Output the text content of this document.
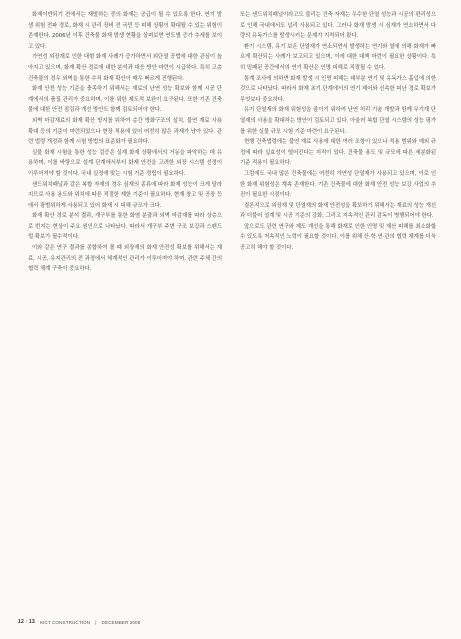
화재이반되기 전에서는 재발하는 중의 화재는 공급이 될 수 있도록 한다. 연기 발생 위험 전파 경로, 화재 시 관리 장비 전 국민 등 피해 상황이 확대될 수 있는 위험이 존재한다. 2006년 이후 건축물 화재 발생 현황을 살펴보면 연도별 증가 추세를 보이고 있다.

가연성 외장재로 인한 대형 화재 사례가 증가하면서 외단열 공법에 대한 관심이 높아지고 있으며, 화재 확산 경로에 대한 분석과 대응 방안 마련이 시급하다. 특히 고층 건축물의 경우 외벽을 통한 수직 화재 확산이 매우 빠르게 진행된다.

화재 안전 성능 기준을 충족하기 위해서는 재료의 난연 성능 확보와 함께 시공 단계에서의 품질 관리가 중요하며, 이를 위한 제도적 보완이 요구된다. 또한 기존 건축물에 대한 안전 점검과 개선 방안도 함께 검토되어야 한다.

외벽 마감재료의 화재 확산 방지를 위하여 층간 방화구조의 설치, 불연 재료 사용 확대 등의 기준이 마련되었으나 현장 적용에 있어 여전히 많은 과제가 남아 있다. 관련 법령 개정과 함께 시험 방법의 표준화가 필요하다.

실물 화재 시험을 통한 성능 검증은 실제 화재 상황에서의 거동을 파악하는 데 유용하며, 이를 바탕으로 설계 단계에서부터 화재 안전을 고려한 외장 시스템 선정이 이루어져야 할 것이다. 국내 실정에 맞는 시험 기준 정립이 필요하다.

샌드위치패널과 같은 복합 자재의 경우 심재의 종류에 따라 화재 성능이 크게 달라지므로 사용 용도와 위치에 따른 적절한 제한 기준이 필요하다. 현재 창고 및 공장 등에서 광범위하게 사용되고 있어 화재 시 피해 규모가 크다.

화재 확산 경로 분석 결과, 개구부를 통한 화염 분출과 외벽 마감재를 따라 상층으로 번지는 현상이 주요 원인으로 나타났다. 따라서 개구부 주변 구조 보강과 스팬드럴 확보가 필수적이다.

이와 같은 연구 결과를 종합하여 볼 때 외장재의 화재 안전성 확보를 위해서는 재료, 시공, 유지관리의 전 과정에서 체계적인 관리가 이루어져야 하며, 관련 주체 간의 협력 체계 구축이 중요하다.

또는 샌드위치패널이라고도 불리는 건축 자재는 우수한 단열 성능과 시공의 편리성으로 인해 국내에서도 널리 사용되고 있다. 그러나 화재 발생 시 심재가 연소하면서 다량의 유독가스를 발생시키는 문제가 지적되어 왔다.

환기 시스템, 유기 보온 단열재가 연소되면서 발생하는 연기와 열에 의해 화재가 빠르게 확산되는 사례가 보고되고 있으며, 이에 대한 대책 마련이 필요한 상황이다. 특히 밀폐된 공간에서의 연기 확산은 인명 피해로 직결될 수 있다.

통계 조사에 의하면 화재 발생 시 인명 피해는 대부분 연기 및 유독가스 흡입에 의한 것으로 나타났다. 따라서 화재 초기 단계에서의 연기 제어와 신속한 피난 경로 확보가 무엇보다 중요하다.

유기 단열재의 화재 위험성을 줄이기 위하여 난연 처리 기술 개발과 함께 무기계 단열재의 사용을 확대하는 방안이 검토되고 있다. 아울러 복합 단열 시스템의 성능 평가를 위한 실물 규모 시험 기준 마련이 요구된다.

현행 건축법령에는 불연 재료 사용에 대한 여러 조항이 있으나 적용 범위와 예외 규정에 따라 실효성이 떨어진다는 지적이 있다. 건축물 용도 및 규모에 따른 세분화된 기준 적용이 필요하다.

그럼에도 국내 많은 건축물에는 여전히 가연성 단열재가 사용되고 있으며, 이로 인한 화재 위험성은 계속 존재한다. 기존 건축물에 대한 화재 안전 성능 보강 사업의 추진이 필요한 시점이다.

결론적으로 외장재 및 단열재의 화재 안전성을 확보하기 위해서는 재료의 성능 개선과 더불어 설계 및 시공 기준의 강화, 그리고 지속적인 관리 감독이 병행되어야 한다.

앞으로도 관련 연구와 제도 개선을 통해 화재로 인한 인명 및 재산 피해를 최소화할 수 있도록 지속적인 노력이 필요할 것이다. 이를 위해 산·학·연·관의 협력 체계를 더욱 공고히 해야 할 것이다.

12 · 13 KICT CONSTRUCTION | DECEMBER 2008
